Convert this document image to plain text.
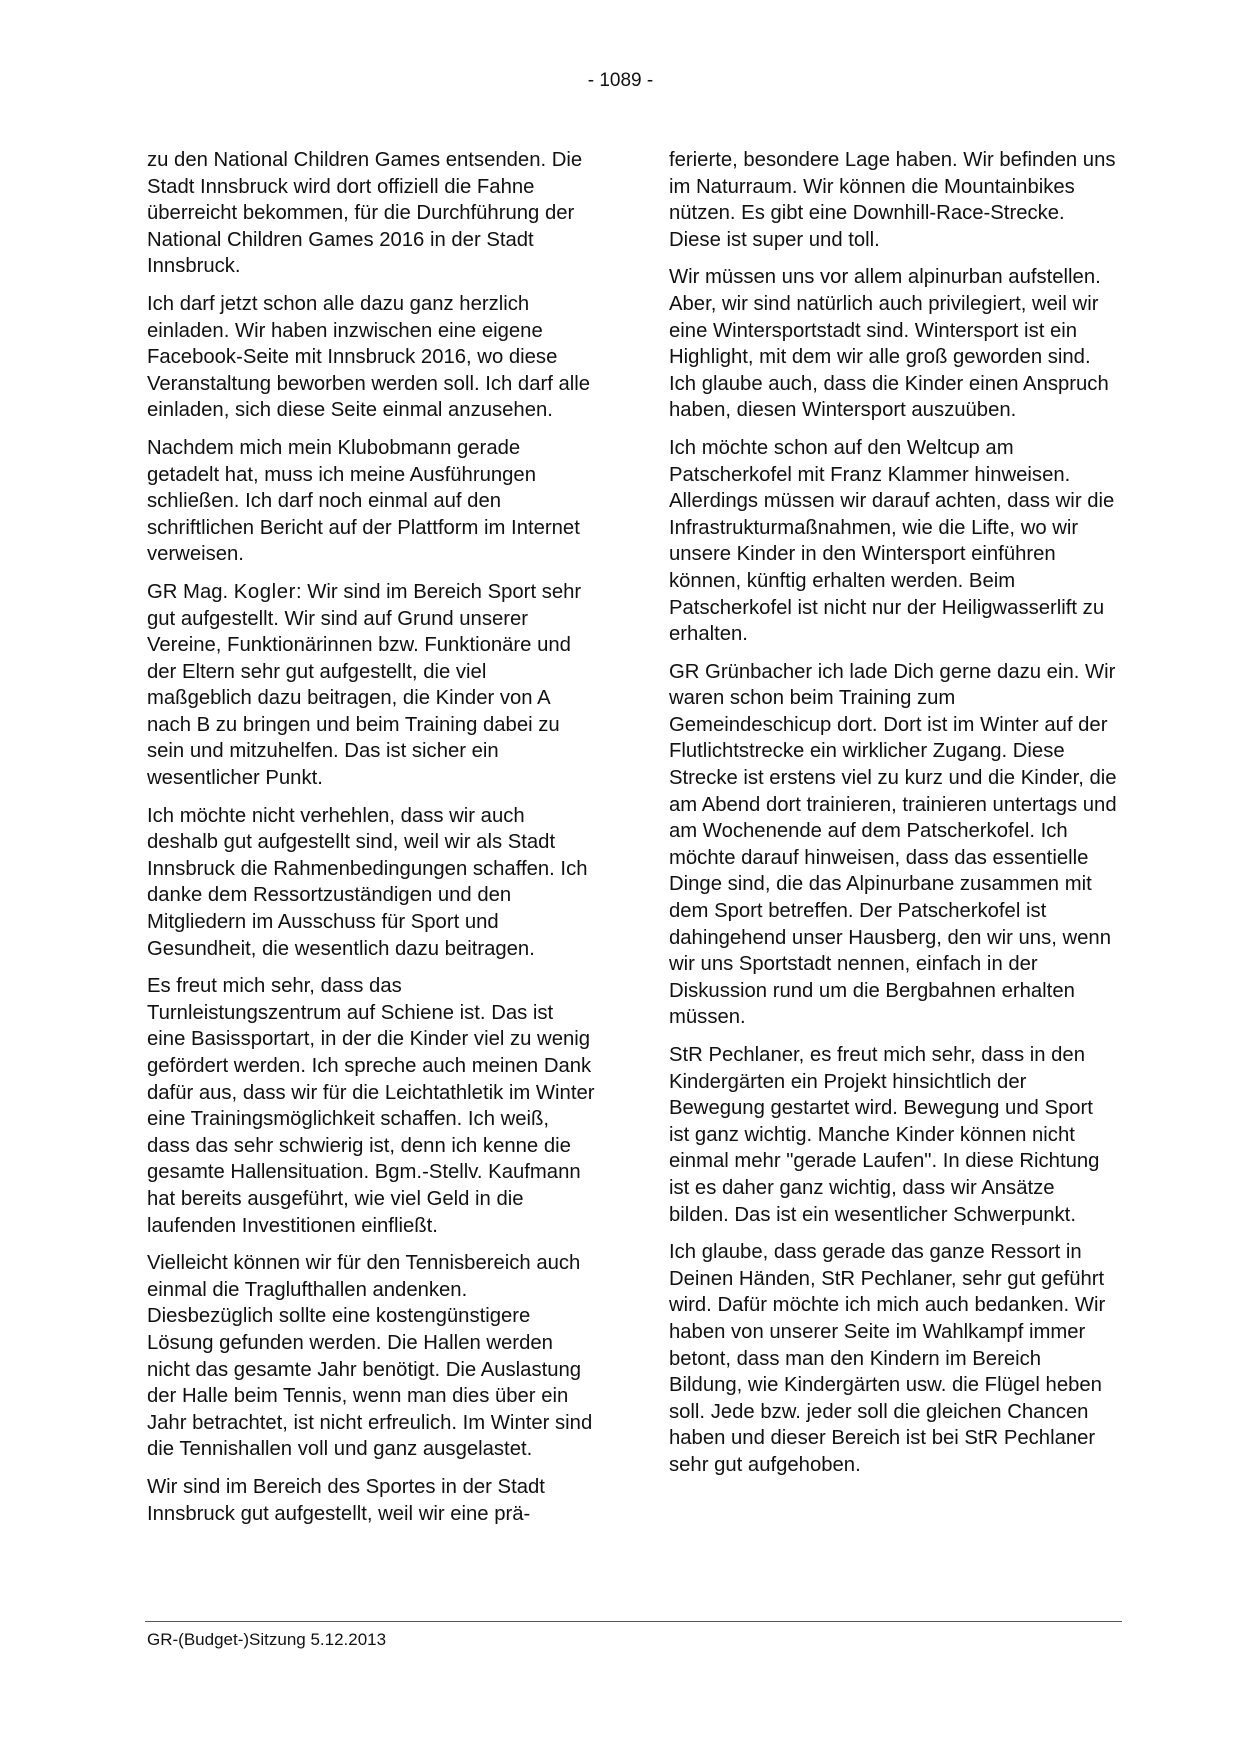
- 1089 -

zu den National Children Games entsenden. Die Stadt Innsbruck wird dort offiziell die Fahne überreicht bekommen, für die Durchführung der National Children Games 2016 in der Stadt Innsbruck.

Ich darf jetzt schon alle dazu ganz herzlich einladen. Wir haben inzwischen eine eigene Facebook-Seite mit Innsbruck 2016, wo diese Veranstaltung beworben werden soll. Ich darf alle einladen, sich diese Seite einmal anzusehen.

Nachdem mich mein Klubobmann gerade getadelt hat, muss ich meine Ausführungen schließen. Ich darf noch einmal auf den schriftlichen Bericht auf der Plattform im Internet verweisen.

GR Mag. Kogler: Wir sind im Bereich Sport sehr gut aufgestellt. Wir sind auf Grund unserer Vereine, Funktionärinnen bzw. Funktionäre und der Eltern sehr gut aufgestellt, die viel maßgeblich dazu beitragen, die Kinder von A nach B zu bringen und beim Training dabei zu sein und mitzuhelfen. Das ist sicher ein wesentlicher Punkt.

Ich möchte nicht verhehlen, dass wir auch deshalb gut aufgestellt sind, weil wir als Stadt Innsbruck die Rahmenbedingungen schaffen. Ich danke dem Ressortzuständigen und den Mitgliedern im Ausschuss für Sport und Gesundheit, die wesentlich dazu beitragen.

Es freut mich sehr, dass das Turnleistungszentrum auf Schiene ist. Das ist eine Basissportart, in der die Kinder viel zu wenig gefördert werden. Ich spreche auch meinen Dank dafür aus, dass wir für die Leichtathletik im Winter eine Trainingsmöglichkeit schaffen. Ich weiß, dass das sehr schwierig ist, denn ich kenne die gesamte Hallensituation. Bgm.-Stellv. Kaufmann hat bereits ausgeführt, wie viel Geld in die laufenden Investitionen einfließt.

Vielleicht können wir für den Tennisbereich auch einmal die Traglufthallen andenken. Diesbezüglich sollte eine kostengünstigere Lösung gefunden werden. Die Hallen werden nicht das gesamte Jahr benötigt. Die Auslastung der Halle beim Tennis, wenn man dies über ein Jahr betrachtet, ist nicht erfreulich. Im Winter sind die Tennishallen voll und ganz ausgelastet.

Wir sind im Bereich des Sportes in der Stadt Innsbruck gut aufgestellt, weil wir eine prä-

ferierte, besondere Lage haben. Wir befinden uns im Naturraum. Wir können die Mountainbikes nützen. Es gibt eine Downhill-Race-Strecke. Diese ist super und toll.

Wir müssen uns vor allem alpinurban aufstellen. Aber, wir sind natürlich auch privilegiert, weil wir eine Wintersportstadt sind. Wintersport ist ein Highlight, mit dem wir alle groß geworden sind. Ich glaube auch, dass die Kinder einen Anspruch haben, diesen Wintersport auszuüben.

Ich möchte schon auf den Weltcup am Patscherkofel mit Franz Klammer hinweisen. Allerdings müssen wir darauf achten, dass wir die Infrastrukturmaßnahmen, wie die Lifte, wo wir unsere Kinder in den Wintersport einführen können, künftig erhalten werden. Beim Patscherkofel ist nicht nur der Heiligwasserlift zu erhalten.

GR Grünbacher ich lade Dich gerne dazu ein. Wir waren schon beim Training zum Gemeindeschicup dort. Dort ist im Winter auf der Flutlichtstrecke ein wirklicher Zugang. Diese Strecke ist erstens viel zu kurz und die Kinder, die am Abend dort trainieren, trainieren untertags und am Wochenende auf dem Patscherkofel. Ich möchte darauf hinweisen, dass das essentielle Dinge sind, die das Alpinurbane zusammen mit dem Sport betreffen. Der Patscherkofel ist dahingehend unser Hausberg, den wir uns, wenn wir uns Sportstadt nennen, einfach in der Diskussion rund um die Bergbahnen erhalten müssen.

StR Pechlaner, es freut mich sehr, dass in den Kindergärten ein Projekt hinsichtlich der Bewegung gestartet wird. Bewegung und Sport ist ganz wichtig. Manche Kinder können nicht einmal mehr "gerade Laufen". In diese Richtung ist es daher ganz wichtig, dass wir Ansätze bilden. Das ist ein wesentlicher Schwerpunkt.

Ich glaube, dass gerade das ganze Ressort in Deinen Händen, StR Pechlaner, sehr gut geführt wird. Dafür möchte ich mich auch bedanken. Wir haben von unserer Seite im Wahlkampf immer betont, dass man den Kindern im Bereich Bildung, wie Kindergärten usw. die Flügel heben soll. Jede bzw. jeder soll die gleichen Chancen haben und dieser Bereich ist bei StR Pechlaner sehr gut aufgehoben.

GR-(Budget-)Sitzung 5.12.2013
